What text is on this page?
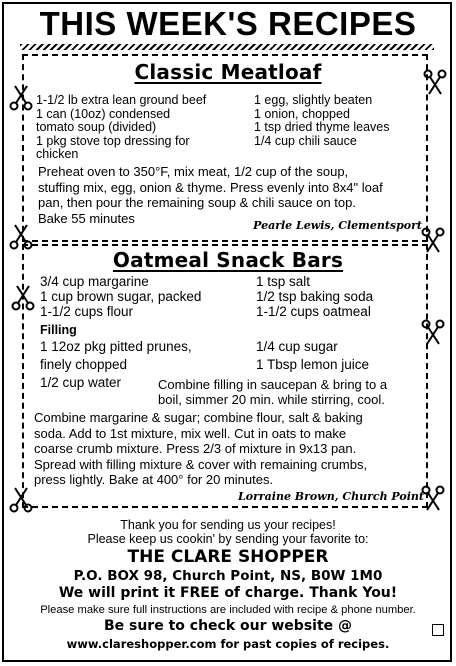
THIS WEEK'S RECIPES
Classic Meatloaf
1-1/2 lb extra lean ground beef
1 can (10oz) condensed
tomato soup (divided)
1 pkg stove top dressing for
chicken
1 egg, slightly beaten
1 onion, chopped
1 tsp dried thyme leaves
1/4 cup chili sauce
Preheat oven to 350°F, mix meat, 1/2 cup of the soup,
stuffing mix, egg, onion & thyme. Press evenly into 8x4" loaf
pan, then pour the remaining soup & chili sauce on top.
Bake 55 minutes	Pearle Lewis, Clementsport
Oatmeal Snack Bars
3/4 cup margarine
1 cup brown sugar, packed
1-1/2 cups flour
1 tsp salt
1/2 tsp baking soda
1-1/2 cups oatmeal
Filling
1 12oz pkg pitted prunes,
finely chopped
1/2 cup water
1/4 cup sugar
1 Tbsp lemon juice
Combine filling in saucepan & bring to a
boil, simmer 20 min. while stirring, cool.
Combine margarine & sugar; combine flour, salt & baking
soda. Add to 1st mixture, mix well. Cut in oats to make
coarse crumb mixture. Press 2/3 of mixture in 9x13 pan.
Spread with filling mixture & cover with remaining crumbs,
press lightly. Bake at 400° for 20 minutes.
Lorraine Brown, Church Point
Thank you for sending us your recipes!
Please keep us cookin' by sending your favorite to:
THE CLARE SHOPPER
P.O. BOX 98, Church Point, NS, B0W 1M0
We will print it FREE of charge. Thank You!
Please make sure full instructions are included with recipe & phone number.
Be sure to check our website @
www.clareshopper.com for past copies of recipes.
